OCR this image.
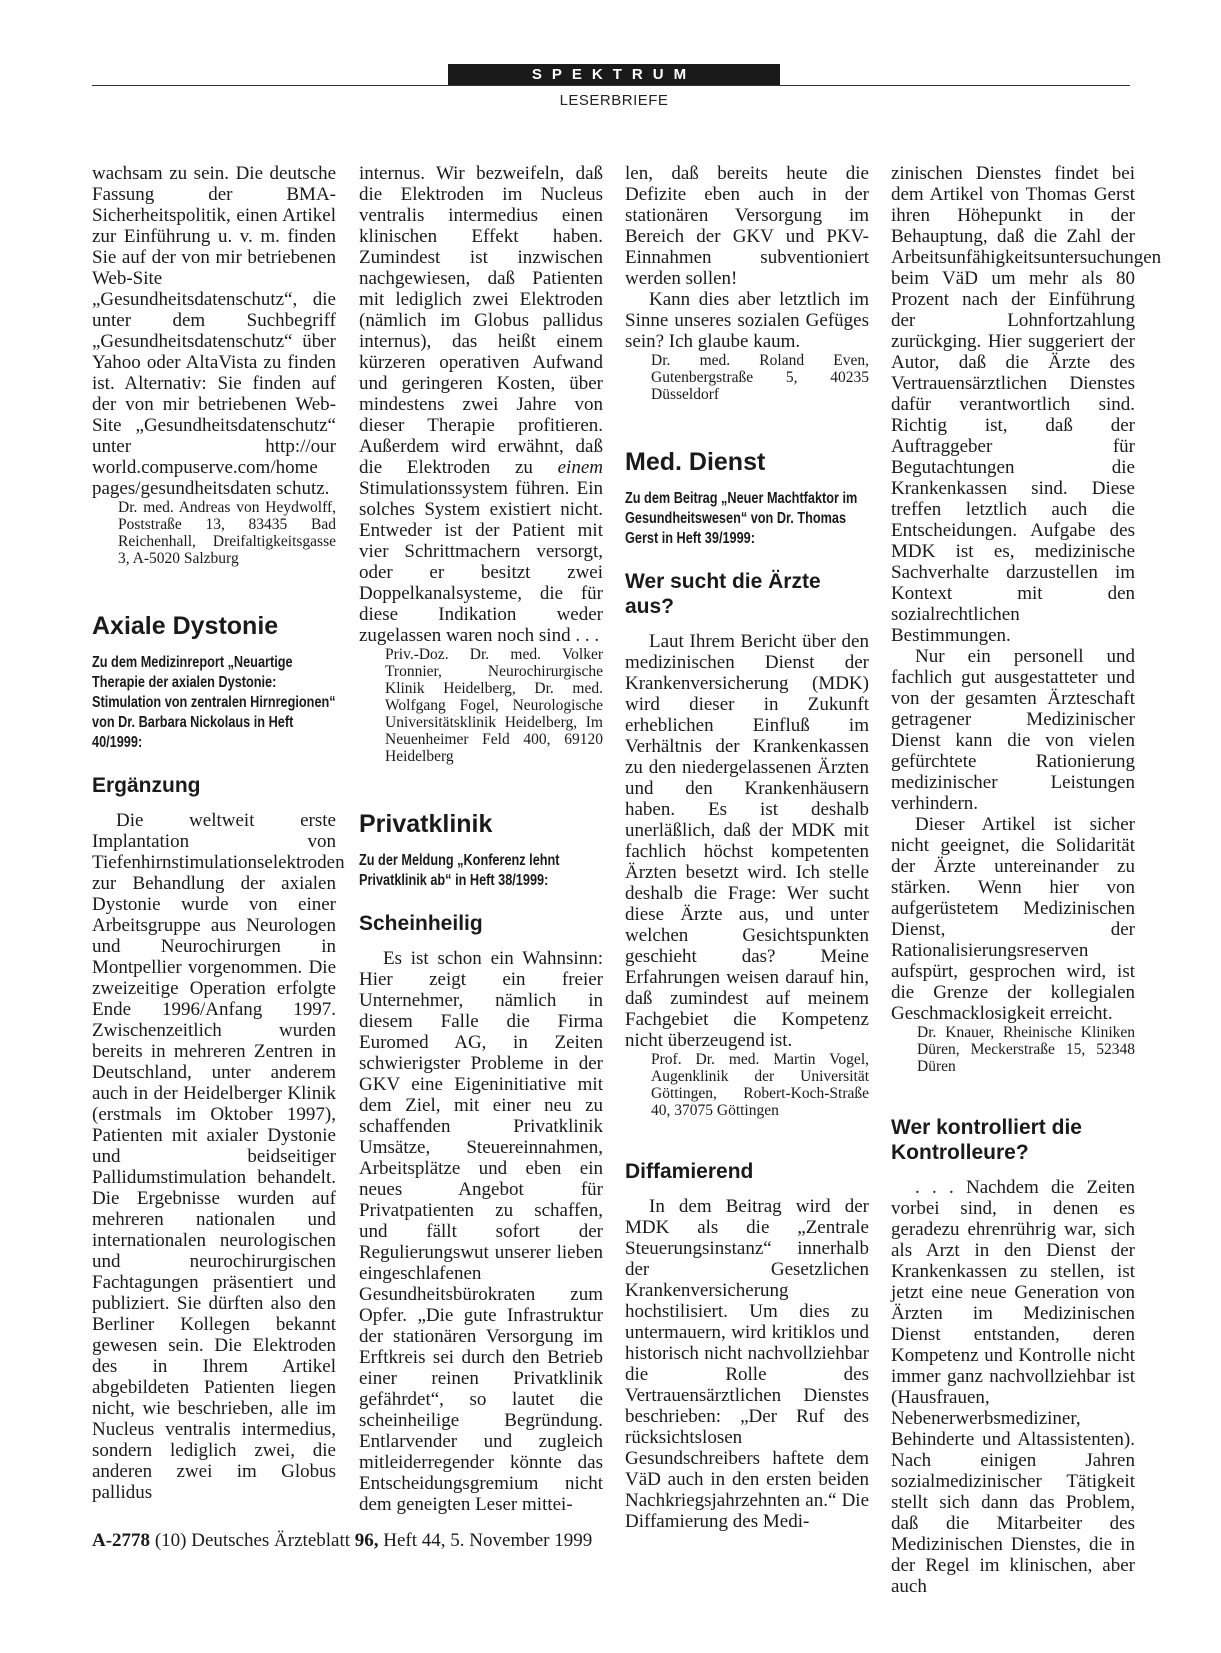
SPEKTRUM
LESERBRIEFE

wachsam zu sein. Die deutsche Fassung der BMA-Sicherheitspolitik, einen Artikel zur Einführung u. v. m. finden Sie auf der von mir betriebenen Web-Site „Gesundheitsdatenschutz“, die unter dem Suchbegriff „Gesundheitsdatenschutz“ über Yahoo oder AltaVista zu finden ist. Alternativ: Sie finden auf der von mir betriebenen Web-Site „Gesundheitsdatenschutz“ unter http://our world.compuserve.com/home pages/gesundheitsdaten schutz.

Dr. med. Andreas von Heydwolff, Poststraße 13, 83435 Bad Reichenhall, Dreifaltigkeitsgasse 3, A-5020 Salzburg

Axiale Dystonie
Zu dem Medizinreport „Neuartige Therapie der axialen Dystonie: Stimulation von zentralen Hirnregionen“ von Dr. Barbara Nickolaus in Heft 40/1999:
Ergänzung

Die weltweit erste Implantation von Tiefenhirnstimulationselektroden zur Behandlung der axialen Dystonie wurde von einer Arbeitsgruppe aus Neurologen und Neurochirurgen in Montpellier vorgenommen. Die zweizeitige Operation erfolgte Ende 1996/Anfang 1997. Zwischenzeitlich wurden bereits in mehreren Zentren in Deutschland, unter anderem auch in der Heidelberger Klinik (erstmals im Oktober 1997), Patienten mit axialer Dystonie und beidseitiger Pallidumstimulation behandelt. Die Ergebnisse wurden auf mehreren nationalen und internationalen neurologischen und neurochirurgischen Fachtagungen präsentiert und publiziert. Sie dürften also den Berliner Kollegen bekannt gewesen sein. Die Elektroden des in Ihrem Artikel abgebildeten Patienten liegen nicht, wie beschrieben, alle im Nucleus ventralis intermedius, sondern lediglich zwei, die anderen zwei im Globus pallidus

internus. Wir bezweifeln, daß die Elektroden im Nucleus ventralis intermedius einen klinischen Effekt haben. Zumindest ist inzwischen nachgewiesen, daß Patienten mit lediglich zwei Elektroden (nämlich im Globus pallidus internus), das heißt einem kürzeren operativen Aufwand und geringeren Kosten, über mindestens zwei Jahre von dieser Therapie profitieren. Außerdem wird erwähnt, daß die Elektroden zu einem Stimulationssystem führen. Ein solches System existiert nicht. Entweder ist der Patient mit vier Schrittmachern versorgt, oder er besitzt zwei Doppelkanalsysteme, die für diese Indikation weder zugelassen waren noch sind . . .

Priv.-Doz. Dr. med. Volker Tronnier, Neurochirurgische Klinik Heidelberg, Dr. med. Wolfgang Fogel, Neurologische Universitätsklinik Heidelberg, Im Neuenheimer Feld 400, 69120 Heidelberg

Privatklinik
Zu der Meldung „Konferenz lehnt Privatklinik ab“ in Heft 38/1999:
Scheinheilig

Es ist schon ein Wahnsinn: Hier zeigt ein freier Unternehmer, nämlich in diesem Falle die Firma Euromed AG, in Zeiten schwierigster Probleme in der GKV eine Eigeninitiative mit dem Ziel, mit einer neu zu schaffenden Privatklinik Umsätze, Steuereinnahmen, Arbeitsplätze und eben ein neues Angebot für Privatpatienten zu schaffen, und fällt sofort der Regulierungswut unserer lieben eingeschlafenen Gesundheitsbürokraten zum Opfer. „Die gute Infrastruktur der stationären Versorgung im Erftkreis sei durch den Betrieb einer reinen Privatklinik gefährdet“, so lautet die scheinheilige Begründung. Entlarvender und zugleich mitleiderregender könnte das Entscheidungsgremium nicht dem geneigten Leser mittei-

len, daß bereits heute die Defizite eben auch in der stationären Versorgung im Bereich der GKV und PKV-Einnahmen subventioniert werden sollen!

Kann dies aber letztlich im Sinne unseres sozialen Gefüges sein? Ich glaube kaum.

Dr. med. Roland Even, Gutenbergstraße 5, 40235 Düsseldorf

Med. Dienst
Zu dem Beitrag „Neuer Machtfaktor im Gesundheitswesen“ von Dr. Thomas Gerst in Heft 39/1999:
Wer sucht die Ärzte aus?

Laut Ihrem Bericht über den medizinischen Dienst der Krankenversicherung (MDK) wird dieser in Zukunft erheblichen Einfluß im Verhältnis der Krankenkassen zu den niedergelassenen Ärzten und den Krankenhäusern haben. Es ist deshalb unerläßlich, daß der MDK mit fachlich höchst kompetenten Ärzten besetzt wird. Ich stelle deshalb die Frage: Wer sucht diese Ärzte aus, und unter welchen Gesichtspunkten geschieht das? Meine Erfahrungen weisen darauf hin, daß zumindest auf meinem Fachgebiet die Kompetenz nicht überzeugend ist.

Prof. Dr. med. Martin Vogel, Augenklinik der Universität Göttingen, Robert-Koch-Straße 40, 37075 Göttingen

Diffamierend

In dem Beitrag wird der MDK als die „Zentrale Steuerungsinstanz“ innerhalb der Gesetzlichen Krankenversicherung hochstilisiert. Um dies zu untermauern, wird kritiklos und historisch nicht nachvollziehbar die Rolle des Vertrauensärztlichen Dienstes beschrieben: „Der Ruf des rücksichtslosen Gesundschreibers haftete dem VäD auch in den ersten beiden Nachkriegsjahrzehnten an.“ Die Diffamierung des Medi-

zinischen Dienstes findet bei dem Artikel von Thomas Gerst ihren Höhepunkt in der Behauptung, daß die Zahl der Arbeitsunfähigkeitsuntersuchungen beim VäD um mehr als 80 Prozent nach der Einführung der Lohnfortzahlung zurückging. Hier suggeriert der Autor, daß die Ärzte des Vertrauensärztlichen Dienstes dafür verantwortlich sind. Richtig ist, daß der Auftraggeber für Begutachtungen die Krankenkassen sind. Diese treffen letztlich auch die Entscheidungen. Aufgabe des MDK ist es, medizinische Sachverhalte darzustellen im Kontext mit den sozialrechtlichen Bestimmungen.

Nur ein personell und fachlich gut ausgestatteter und von der gesamten Ärzteschaft getragener Medizinischer Dienst kann die von vielen gefürchtete Rationierung medizinischer Leistungen verhindern.

Dieser Artikel ist sicher nicht geeignet, die Solidarität der Ärzte untereinander zu stärken. Wenn hier von aufgerüstetem Medizinischen Dienst, der Rationalisierungsreserven aufspürt, gesprochen wird, ist die Grenze der kollegialen Geschmacklosigkeit erreicht.

Dr. Knauer, Rheinische Kliniken Düren, Meckerstraße 15, 52348 Düren

Wer kontrolliert die Kontrolleure?

. . . Nachdem die Zeiten vorbei sind, in denen es geradezu ehrenrührig war, sich als Arzt in den Dienst der Krankenkassen zu stellen, ist jetzt eine neue Generation von Ärzten im Medizinischen Dienst entstanden, deren Kompetenz und Kontrolle nicht immer ganz nachvollziehbar ist (Hausfrauen, Nebenerwerbsmediziner, Behinderte und Altassistenten). Nach einigen Jahren sozialmedizinischer Tätigkeit stellt sich dann das Problem, daß die Mitarbeiter des Medizinischen Dienstes, die in der Regel im klinischen, aber auch

A-2778 (10) Deutsches Ärzteblatt 96, Heft 44, 5. November 1999
